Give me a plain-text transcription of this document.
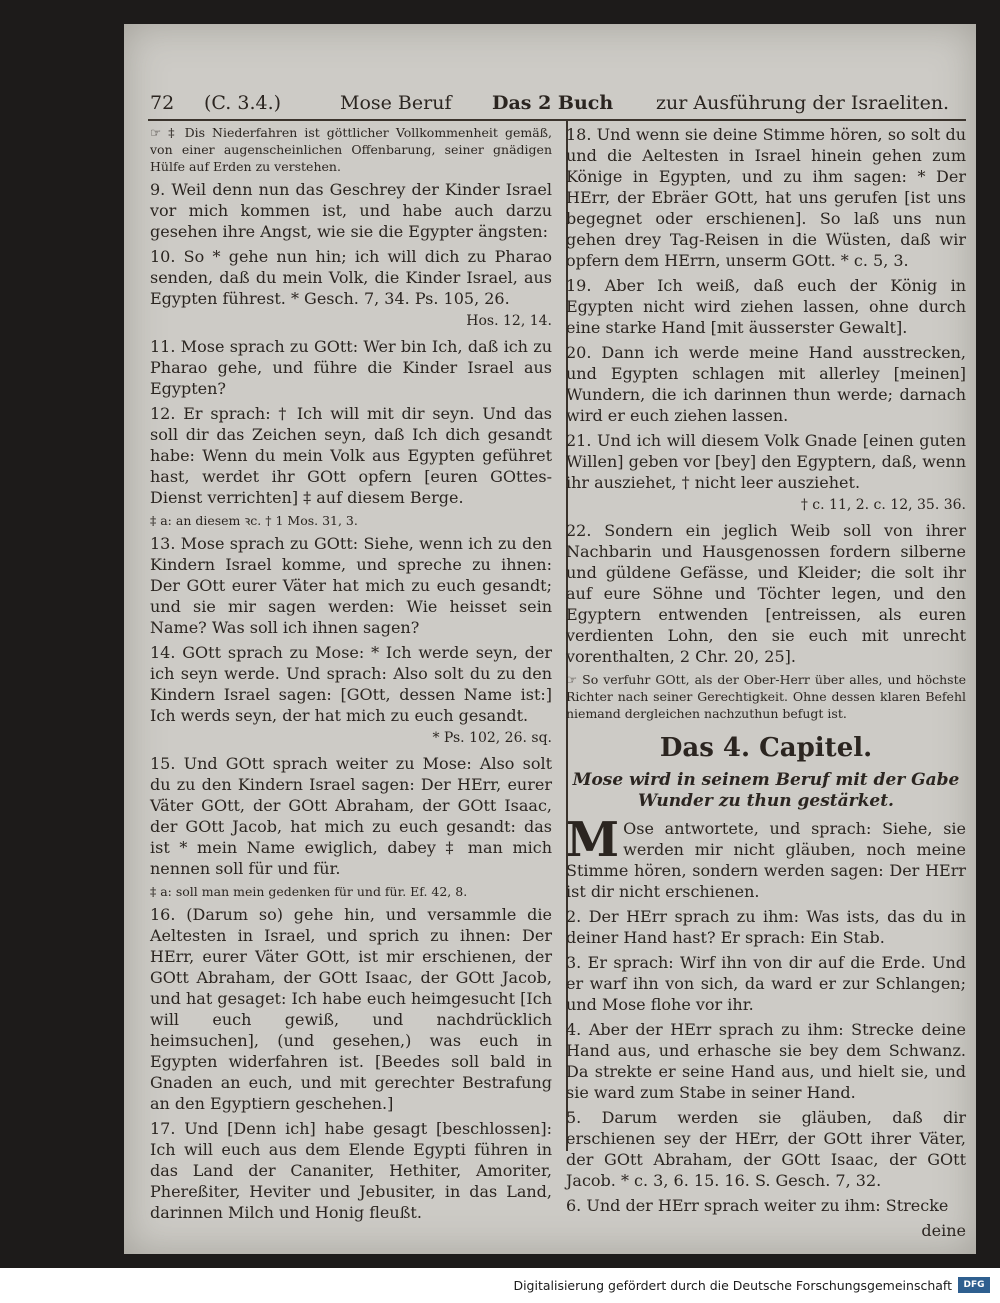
72 (C. 3.4.)	Mose Beruf Das 2 Buch zur Ausführung der Israeliten.
☞ ‡ Dis Niederfahren ist göttlicher Vollkommenheit gemäß, von einer augenscheinlichen Offenbarung, seiner gnädigen Hülfe auf Erden zu verstehen.
9. Weil denn nun das Geschrey der Kinder Israel vor mich kommen ist, und habe auch darzu gesehen ihre Angst, wie sie die Egypter ängsten:
10. So * gehe nun hin; ich will dich zu Pharao senden, daß du mein Volk, die Kinder Israel, aus Egypten führest. * Gesch. 7, 34. Ps. 105, 26.
Hos. 12, 14.
11. Mose sprach zu GOtt: Wer bin Ich, daß ich zu Pharao gehe, und führe die Kinder Israel aus Egypten?
12. Er sprach: † Ich will mit dir seyn. Und das soll dir das Zeichen seyn, daß Ich dich gesandt habe: Wenn du mein Volk aus Egypten geführet hast, werdet ihr GOtt opfern [euren GOttes-Dienst verrichten] ‡ auf diesem Berge.
‡ a: an diesem ꝛc. † 1 Mos. 31, 3.
13. Mose sprach zu GOtt: Siehe, wenn ich zu den Kindern Israel komme, und spreche zu ihnen: Der GOtt eurer Väter hat mich zu euch gesandt; und sie mir sagen werden: Wie heisset sein Name? Was soll ich ihnen sagen?
14. GOtt sprach zu Mose: * Ich werde seyn, der ich seyn werde. Und sprach: Also solt du zu den Kindern Israel sagen: [GOtt, dessen Name ist:] Ich werds seyn, der hat mich zu euch gesandt.
* Ps. 102, 26. sq.
15. Und GOtt sprach weiter zu Mose: Also solt du zu den Kindern Israel sagen: Der HErr, eurer Väter GOtt, der GOtt Abraham, der GOtt Isaac, der GOtt Jacob, hat mich zu euch gesandt: das ist * mein Name ewiglich, dabey ‡ man mich nennen soll für und für.
‡ a: soll man mein gedenken für und für. Ef. 42, 8.
16. (Darum so) gehe hin, und versammle die Aeltesten in Israel, und sprich zu ihnen: Der HErr, eurer Väter GOtt, ist mir erschienen, der GOtt Abraham, der GOtt Isaac, der GOtt Jacob, und hat gesaget: Ich habe euch heimgesucht [Ich will euch gewiß, und nachdrücklich heimsuchen], (und gesehen,) was euch in Egypten widerfahren ist. [Beedes soll bald in Gnaden an euch, und mit gerechter Bestrafung an den Egyptiern geschehen.]
17. Und [Denn ich] habe gesagt [beschlossen]: Ich will euch aus dem Elende Egypti führen in das Land der Cananiter, Hethiter, Amoriter, Phereßiter, Heviter und Jebusiter, in das Land, darinnen Milch und Honig fleußt.
18. Und wenn sie deine Stimme hören, so solt du und die Aeltesten in Israel hinein gehen zum Könige in Egypten, und zu ihm sagen: * Der HErr, der Ebräer GOtt, hat uns gerufen [ist uns begegnet oder erschienen]. So laß uns nun gehen drey Tag-Reisen in die Wüsten, daß wir opfern dem HErrn, unserm GOtt. * c. 5, 3.
19. Aber Ich weiß, daß euch der König in Egypten nicht wird ziehen lassen, ohne durch eine starke Hand [mit äusserster Gewalt].
20. Dann ich werde meine Hand ausstrecken, und Egypten schlagen mit allerley [meinen] Wundern, die ich darinnen thun werde; darnach wird er euch ziehen lassen.
21. Und ich will diesem Volk Gnade [einen guten Willen] geben vor [bey] den Egyptern, daß, wenn ihr ausziehet, † nicht leer ausziehet.
† c. 11, 2. c. 12, 35. 36.
22. Sondern ein jeglich Weib soll von ihrer Nachbarin und Hausgenossen fordern silberne und güldene Gefässe, und Kleider; die solt ihr auf eure Söhne und Töchter legen, und den Egyptern entwenden [entreissen, als euren verdienten Lohn, den sie euch mit unrecht vorenthalten, 2 Chr. 20, 25].
☞ So verfuhr GOtt, als der Ober-Herr über alles, und höchste Richter nach seiner Gerechtigkeit. Ohne dessen klaren Befehl niemand dergleichen nachzuthun befugt ist.
Das 4. Capitel.
Mose wird in seinem Beruf mit der Gabe Wunder zu thun gestärket.
M Ose antwortete, und sprach: Siehe, sie werden mir nicht gläuben, noch meine Stimme hören, sondern werden sagen: Der HErr ist dir nicht erschienen.
2. Der HErr sprach zu ihm: Was ists, das du in deiner Hand hast? Er sprach: Ein Stab.
3. Er sprach: Wirf ihn von dir auf die Erde. Und er warf ihn von sich, da ward er zur Schlangen; und Mose flohe vor ihr.
4. Aber der HErr sprach zu ihm: Strecke deine Hand aus, und erhasche sie bey dem Schwanz. Da strekte er seine Hand aus, und hielt sie, und sie ward zum Stabe in seiner Hand.
5. Darum werden sie gläuben, daß dir erschienen sey der HErr, der GOtt ihrer Väter, der GOtt Abraham, der GOtt Isaac, der GOtt Jacob. * c. 3, 6. 15. 16. S. Gesch. 7, 32.
6. Und der HErr sprach weiter zu ihm: Strecke
deine
Digitalisierung gefördert durch die Deutsche Forschungsgemeinschaft	DFG
